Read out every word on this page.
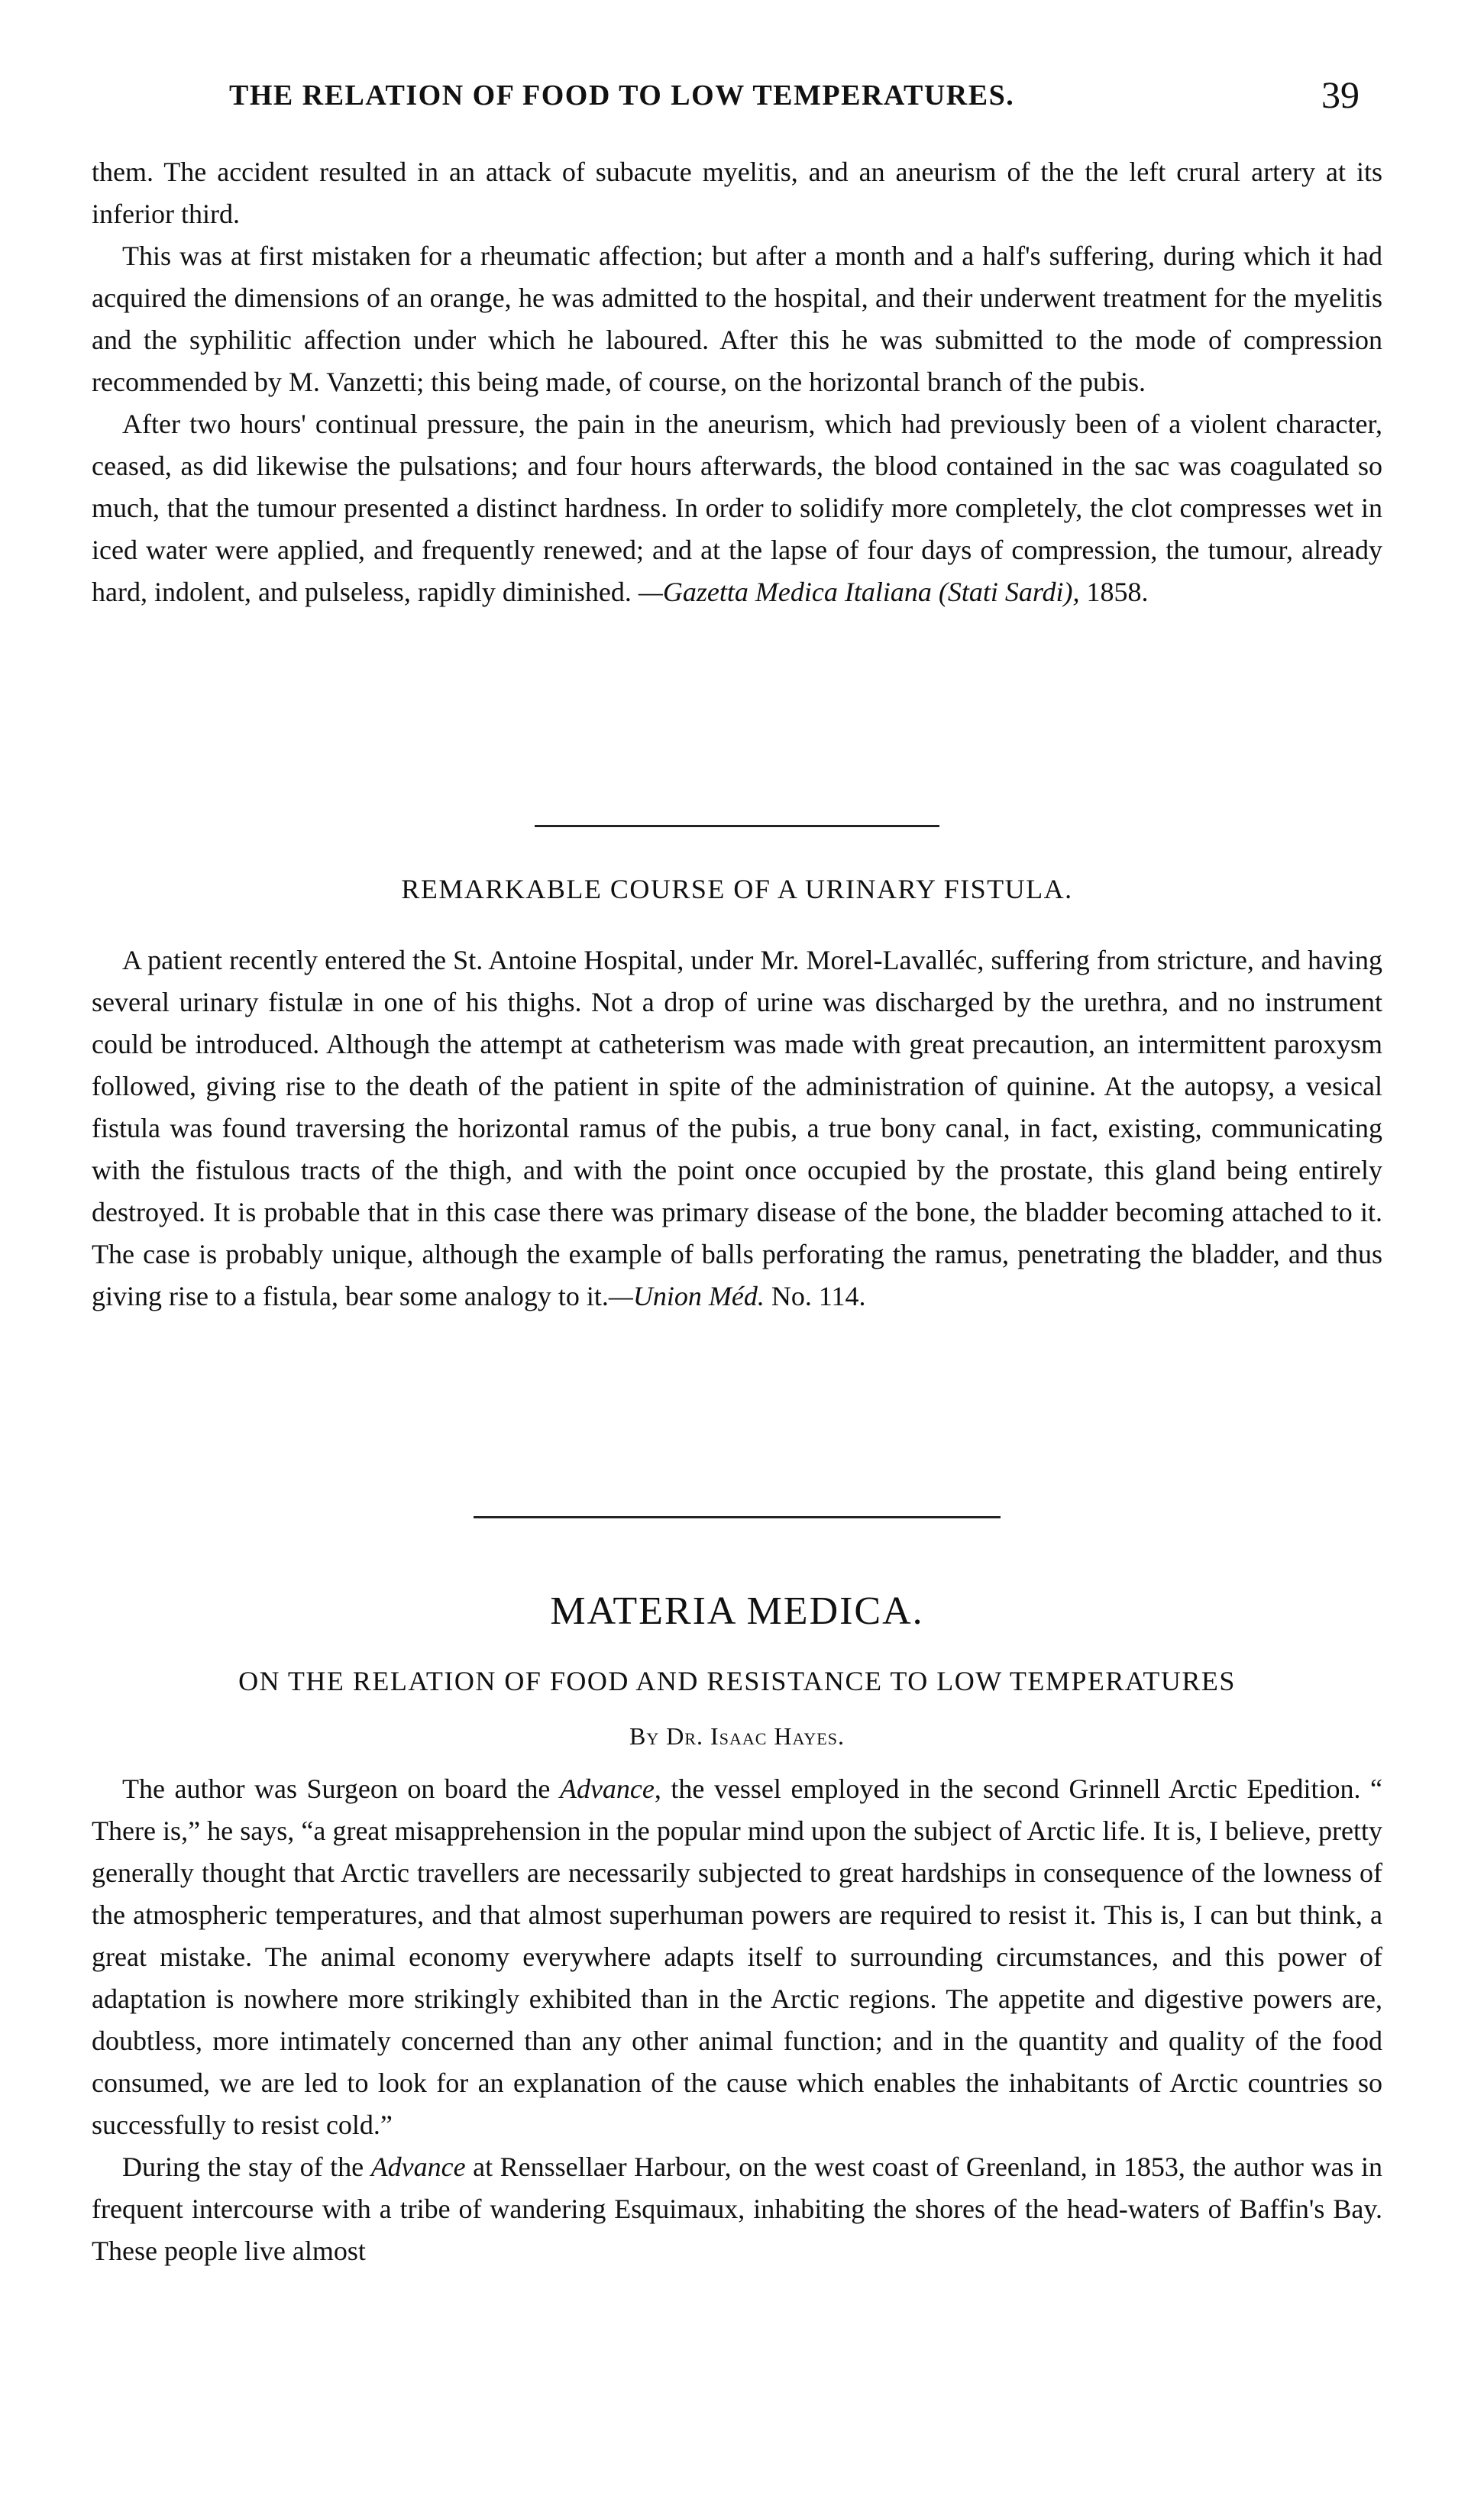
THE RELATION OF FOOD TO LOW TEMPERATURES.	39

them. The accident resulted in an attack of subacute myelitis, and an aneurism of the the left crural artery at its inferior third.

This was at first mistaken for a rheumatic affection; but after a month and a half's suffering, during which it had acquired the dimensions of an orange, he was admitted to the hospital, and their underwent treatment for the myelitis and the syphilitic affection under which he laboured. After this he was submitted to the mode of compression recommended by M. Vanzetti; this being made, of course, on the horizontal branch of the pubis.

After two hours' continual pressure, the pain in the aneurism, which had previously been of a violent character, ceased, as did likewise the pulsations; and four hours afterwards, the blood contained in the sac was coagulated so much, that the tumour presented a distinct hardness. In order to solidify more completely, the clot compresses wet in iced water were applied, and frequently renewed; and at the lapse of four days of compression, the tumour, already hard, indolent, and pulseless, rapidly diminished. —Gazetta Medica Italiana (Stati Sardi), 1858.

REMARKABLE COURSE OF A URINARY FISTULA.

A patient recently entered the St. Antoine Hospital, under Mr. Morel-Lavalléc, suffering from stricture, and having several urinary fistulæ in one of his thighs. Not a drop of urine was discharged by the urethra, and no instrument could be introduced. Although the attempt at catheterism was made with great precaution, an intermittent paroxysm followed, giving rise to the death of the patient in spite of the administration of quinine. At the autopsy, a vesical fistula was found traversing the horizontal ramus of the pubis, a true bony canal, in fact, existing, communicating with the fistulous tracts of the thigh, and with the point once occupied by the prostate, this gland being entirely destroyed. It is probable that in this case there was primary disease of the bone, the bladder becoming attached to it. The case is probably unique, although the example of balls perforating the ramus, penetrating the bladder, and thus giving rise to a fistula, bear some analogy to it.—Union Méd. No. 114.

MATERIA MEDICA.
ON THE RELATION OF FOOD AND RESISTANCE TO LOW TEMPERATURES
By Dr. Isaac Hayes.

The author was Surgeon on board the Advance, the vessel employed in the second Grinnell Arctic Epedition. “ There is,” he says, “a great misapprehension in the popular mind upon the subject of Arctic life. It is, I believe, pretty generally thought that Arctic travellers are necessarily subjected to great hardships in consequence of the lowness of the atmospheric temperatures, and that almost superhuman powers are required to resist it. This is, I can but think, a great mistake. The animal economy everywhere adapts itself to surrounding circumstances, and this power of adaptation is nowhere more strikingly exhibited than in the Arctic regions. The appetite and digestive powers are, doubtless, more intimately concerned than any other animal function; and in the quantity and quality of the food consumed, we are led to look for an explanation of the cause which enables the inhabitants of Arctic countries so successfully to resist cold.”

During the stay of the Advance at Renssellaer Harbour, on the west coast of Greenland, in 1853, the author was in frequent intercourse with a tribe of wandering Esquimaux, inhabiting the shores of the head-waters of Baffin's Bay. These people live almost
